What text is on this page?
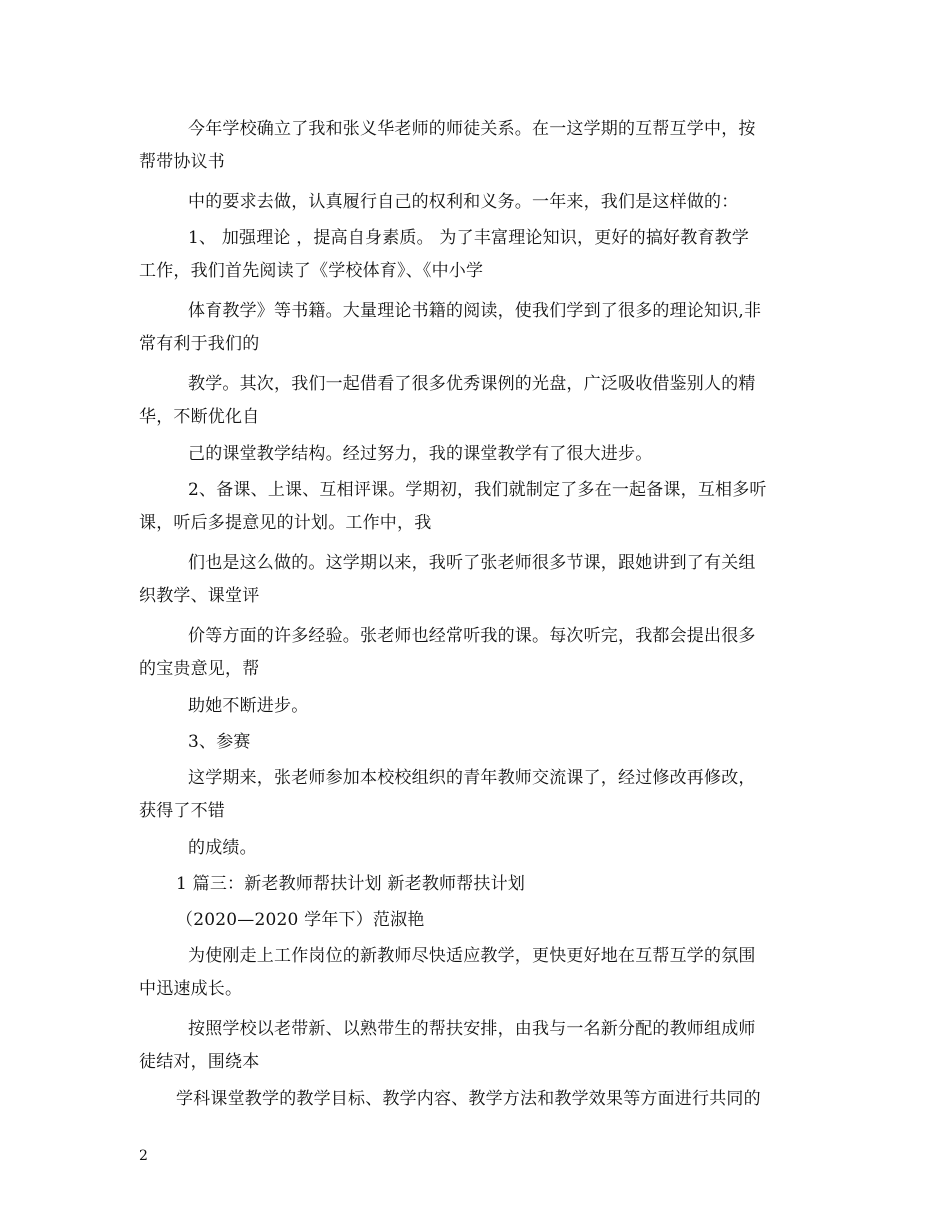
今年学校确立了我和张义华老师的师徒关系。在一这学期的互帮互学中，按
帮带协议书
中的要求去做，认真履行自己的权利和义务。一年来，我们是这样做的：
1、 加强理论 ，提高自身素质。 为了丰富理论知识，更好的搞好教育教学
工作，我们首先阅读了《学校体育》、《中小学
体育教学》等书籍。大量理论书籍的阅读，使我们学到了很多的理论知识,非
常有利于我们的
教学。其次，我们一起借看了很多优秀课例的光盘，广泛吸收借鉴别人的精
华，不断优化自
己的课堂教学结构。经过努力，我的课堂教学有了很大进步。
2、备课、上课、互相评课。学期初，我们就制定了多在一起备课，互相多听
课，听后多提意见的计划。工作中，我
们也是这么做的。这学期以来，我听了张老师很多节课，跟她讲到了有关组
织教学、课堂评
价等方面的许多经验。张老师也经常听我的课。每次听完，我都会提出很多
的宝贵意见，帮
助她不断进步。
3、参赛
这学期来，张老师参加本校校组织的青年教师交流课了，经过修改再修改，
获得了不错
的成绩。
1 篇三：新老教师帮扶计划 新老教师帮扶计划
（2020—2020 学年下）范淑艳
为使刚走上工作岗位的新教师尽快适应教学，更快更好地在互帮互学的氛围
中迅速成长。
按照学校以老带新、以熟带生的帮扶安排，由我与一名新分配的教师组成师
徒结对，围绕本
学科课堂教学的教学目标、教学内容、教学方法和教学效果等方面进行共同的
2
